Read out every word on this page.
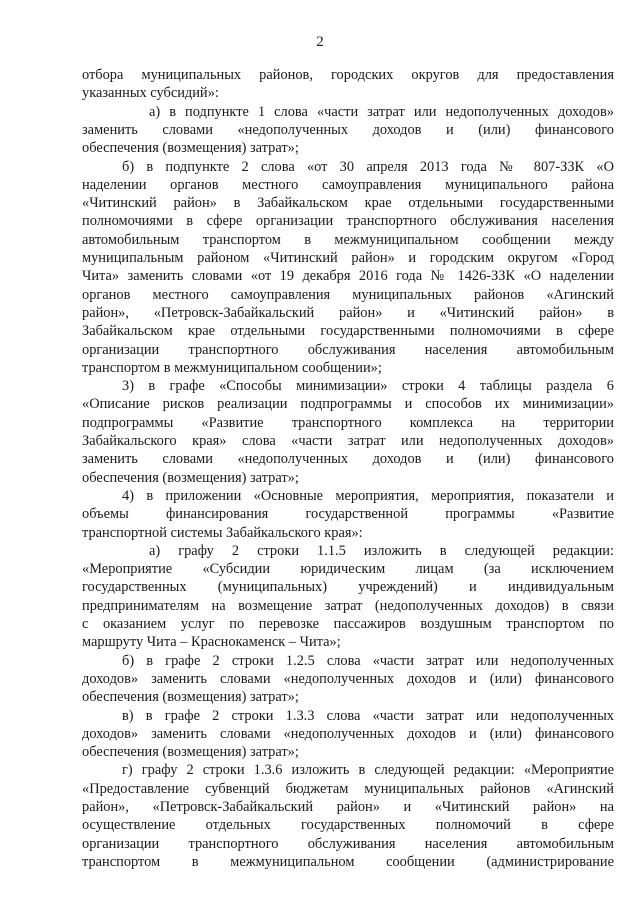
2
отбора муниципальных районов, городских округов для предоставления
указанных субсидий»:
а) в подпункте 1 слова «части затрат или недополученных доходов»
заменить словами «недополученных доходов и (или) финансового
обеспечения (возмещения) затрат»;
б) в подпункте 2 слова «от 30 апреля 2013 года № 807-ЗЗК «О
наделении органов местного самоуправления муниципального района
«Читинский район» в Забайкальском крае отдельными государственными
полномочиями в сфере организации транспортного обслуживания населения
автомобильным транспортом в межмуниципальном сообщении между
муниципальным районом «Читинский район» и городским округом «Город
Чита» заменить словами «от 19 декабря 2016 года № 1426-ЗЗК «О наделении
органов местного самоуправления муниципальных районов «Агинский
район», «Петровск-Забайкальский район» и «Читинский район» в
Забайкальском крае отдельными государственными полномочиями в сфере
организации транспортного обслуживания населения автомобильным
транспортом в межмуниципальном сообщении»;
3) в графе «Способы минимизации» строки 4 таблицы раздела 6
«Описание рисков реализации подпрограммы и способов их минимизации»
подпрограммы «Развитие транспортного комплекса на территории
Забайкальского края» слова «части затрат или недополученных доходов»
заменить словами «недополученных доходов и (или) финансового
обеспечения (возмещения) затрат»;
4) в приложении «Основные мероприятия, мероприятия, показатели и
объемы финансирования государственной программы «Развитие
транспортной системы Забайкальского края»:
а) графу 2 строки 1.1.5 изложить в следующей редакции:
«Мероприятие «Субсидии юридическим лицам (за исключением
государственных (муниципальных) учреждений) и индивидуальным
предпринимателям на возмещение затрат (недополученных доходов) в связи
с оказанием услуг по перевозке пассажиров воздушным транспортом по
маршруту Чита – Краснокаменск – Чита»;
б) в графе 2 строки 1.2.5 слова «части затрат или недополученных
доходов» заменить словами «недополученных доходов и (или) финансового
обеспечения (возмещения) затрат»;
в) в графе 2 строки 1.3.3 слова «части затрат или недополученных
доходов» заменить словами «недополученных доходов и (или) финансового
обеспечения (возмещения) затрат»;
г) графу 2 строки 1.3.6 изложить в следующей редакции: «Мероприятие
«Предоставление субвенций бюджетам муниципальных районов «Агинский
район», «Петровск-Забайкальский район» и «Читинский район» на
осуществление отдельных государственных полномочий в сфере
организации транспортного обслуживания населения автомобильным
транспортом в межмуниципальном сообщении (администрирование
